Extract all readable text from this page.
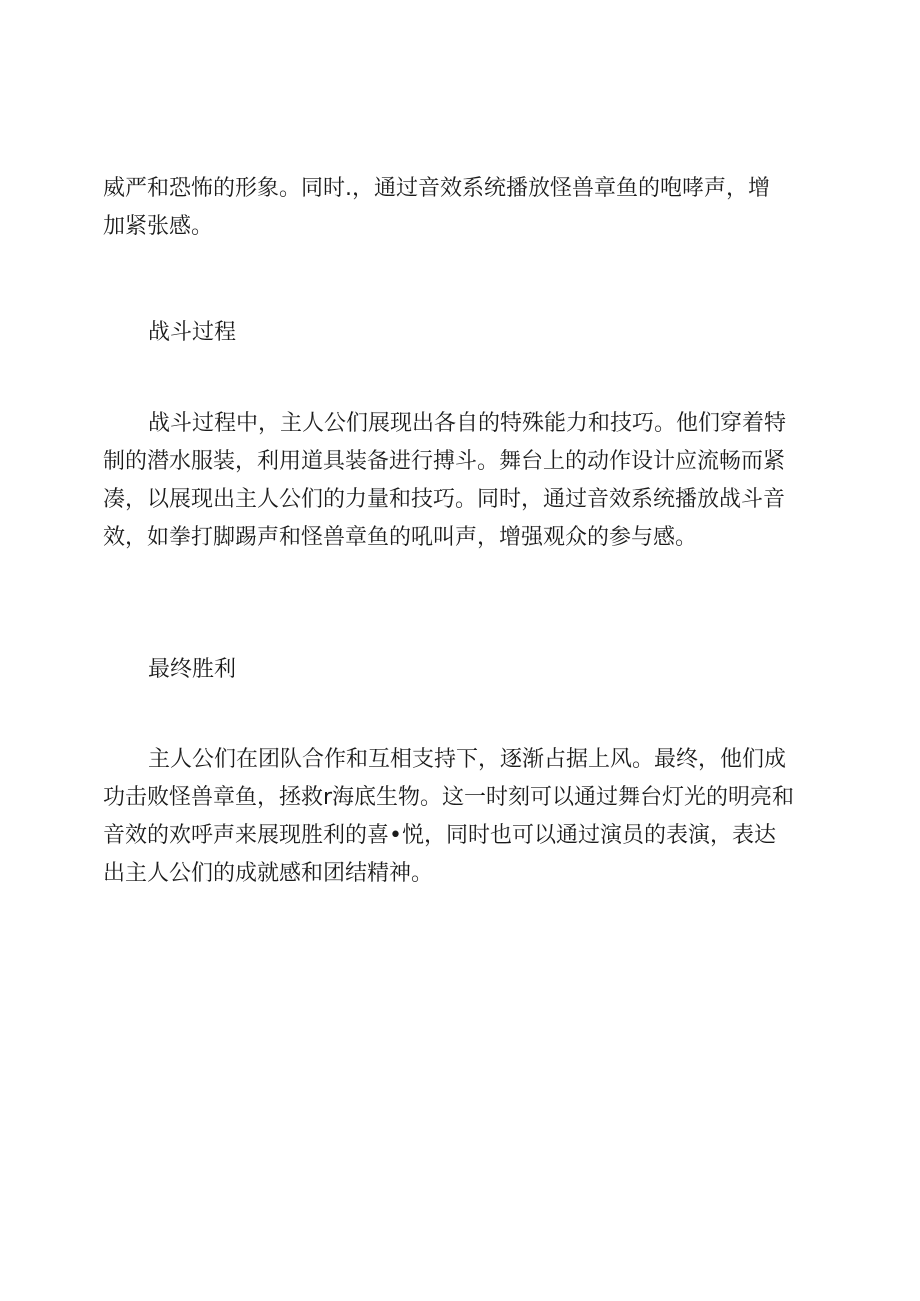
威严和恐怖的形象。同时.，通过音效系统播放怪兽章鱼的咆哮声，增
加紧张感。

战斗过程

战斗过程中，主人公们展现出各自的特殊能力和技巧。他们穿着特
制的潜水服装，利用道具装备进行搏斗。舞台上的动作设计应流畅而紧
凑，以展现出主人公们的力量和技巧。同时，通过音效系统播放战斗音
效，如拳打脚踢声和怪兽章鱼的吼叫声，增强观众的参与感。

最终胜利

主人公们在团队合作和互相支持下，逐渐占据上风。最终，他们成
功击败怪兽章鱼，拯救r海底生物。这一时刻可以通过舞台灯光的明亮和
音效的欢呼声来展现胜利的喜•悦，同时也可以通过演员的表演，表达
出主人公们的成就感和团结精神。
